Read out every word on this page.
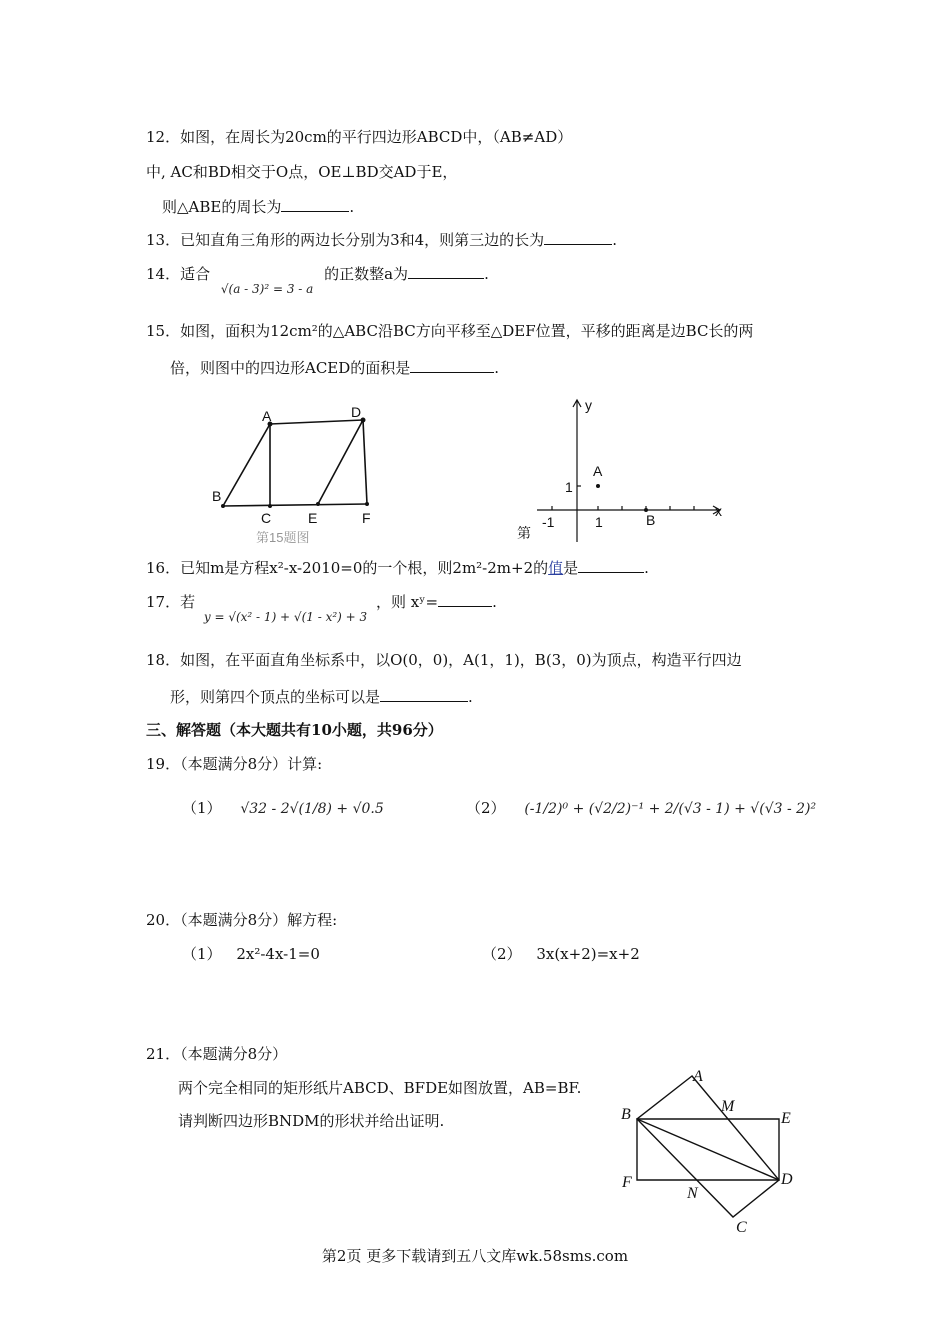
12．如图，在周长为20cm的平行四边形ABCD中，（AB≠AD）
中, AC和BD相交于O点，OE⊥BD交AD于E，
则△ABE的周长为	.
13．已知直角三角形的两边长分别为3和4，则第三边的长为	.
14．适合 $_{√(a - 3)^2 = 3 - a}$ 的正数整a为	.
15．如图，面积为12cm²的△ABC沿BC方向平移至△DEF位置，平移的距离是边BC长的两
倍，则图中的四边形ACED的面积是	.
A	D
B
C	E	F
第15题图
y
x
-1	1
1
A
B
第
16．已知m是方程x²-x-2010=0的一个根，则2m²-2m+2的值是	.
17．若 $_{y = √(x^2 - 1) + √(1 - x^2) + 3}$ ，则 xʸ=	.
18．如图，在平面直角坐标系中，以O(0，0)，A(1，1)，B(3，0)为顶点，构造平行四边
形，则第四个顶点的坐标可以是	.
三、解答题（本大题共有10小题，共96分）
19．（本题满分8分）计算:
（1） √32 - 2√(1/8) + √0.5	（2） (-1/2)⁰ + (√2/2)⁻¹ + 2/(√3 - 1) + √(√3 - 2)²
20．（本题满分8分）解方程:
（1） 2x²-4x-1=0	（2） 3x(x+2)=x+2
21．（本题满分8分）
两个完全相同的矩形纸片ABCD、BFDE如图放置，AB=BF.
请判断四边形BNDM的形状并给出证明.
A
M
B	E
F
N
D
C
第2页 更多下载请到五八文库wk.58sms.com
